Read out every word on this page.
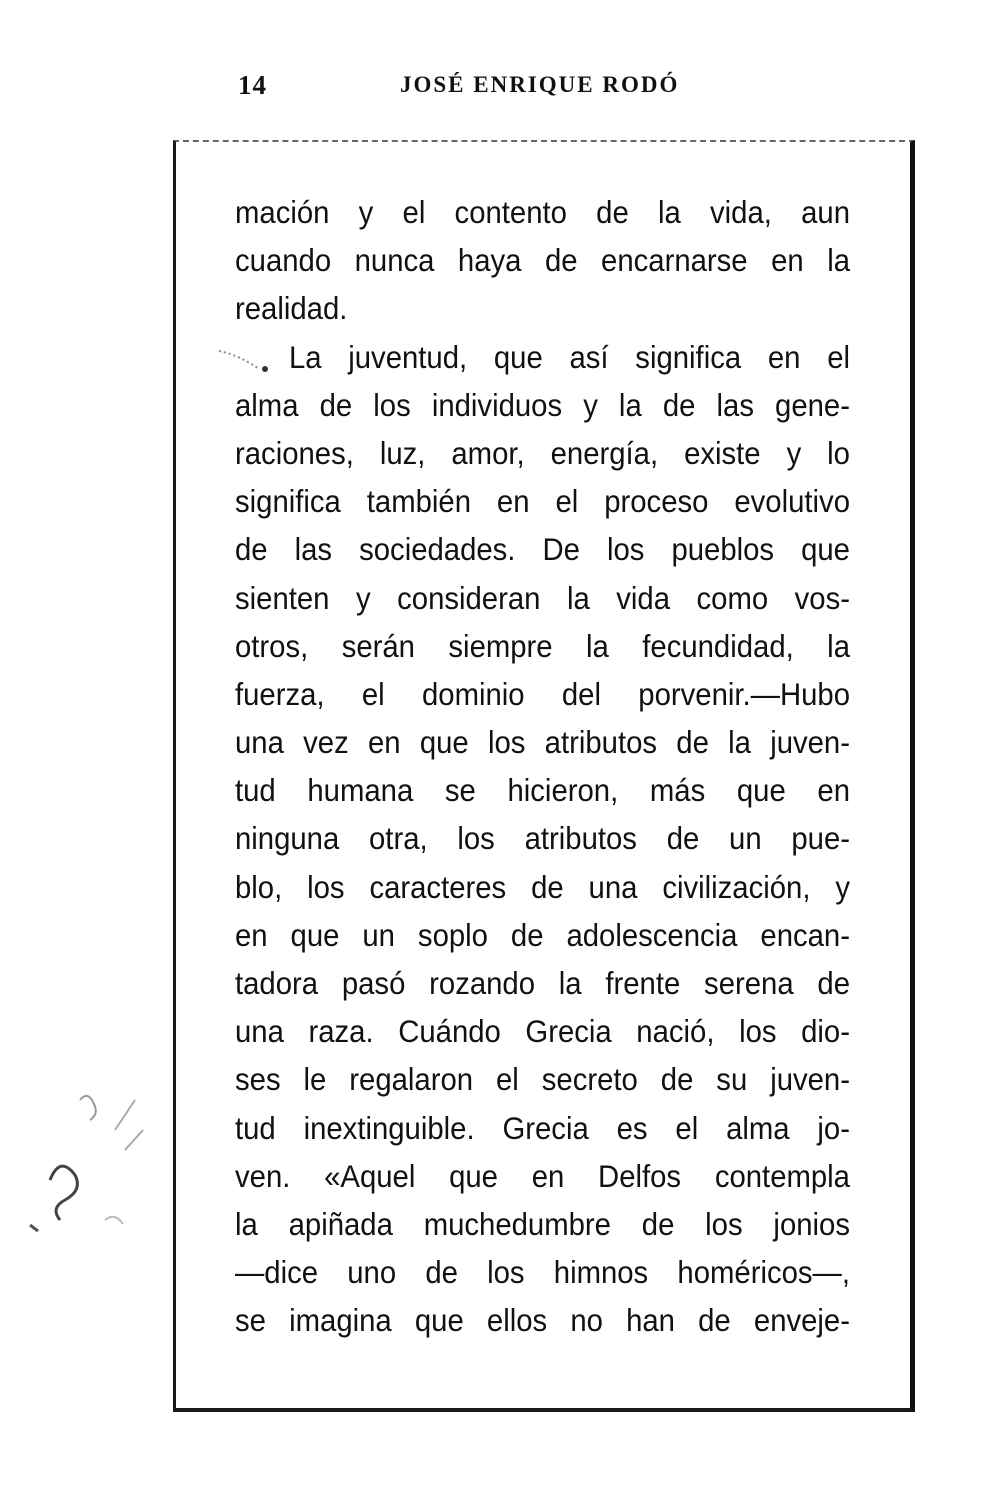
14	JOSÉ ENRIQUE RODÓ
mación y el contento de la vida, aun
cuando nunca haya de encarnarse en la
realidad.
La juventud, que así significa en el
alma de los individuos y la de las gene-
raciones, luz, amor, energía, existe y lo
significa también en el proceso evolutivo
de las sociedades. De los pueblos que
sienten y consideran la vida como vos-
otros, serán siempre la fecundidad, la
fuerza, el dominio del porvenir.—Hubo
una vez en que los atributos de la juven-
tud humana se hicieron, más que en
ninguna otra, los atributos de un pue-
blo, los caracteres de una civilización, y
en que un soplo de adolescencia encan-
tadora pasó rozando la frente serena de
una raza. Cuándo Grecia nació, los dio-
ses le regalaron el secreto de su juven-
tud inextinguible. Grecia es el alma jo-
ven. «Aquel que en Delfos contempla
la apiñada muchedumbre de los jonios
—dice uno de los himnos homéricos—,
se imagina que ellos no han de enveje-
